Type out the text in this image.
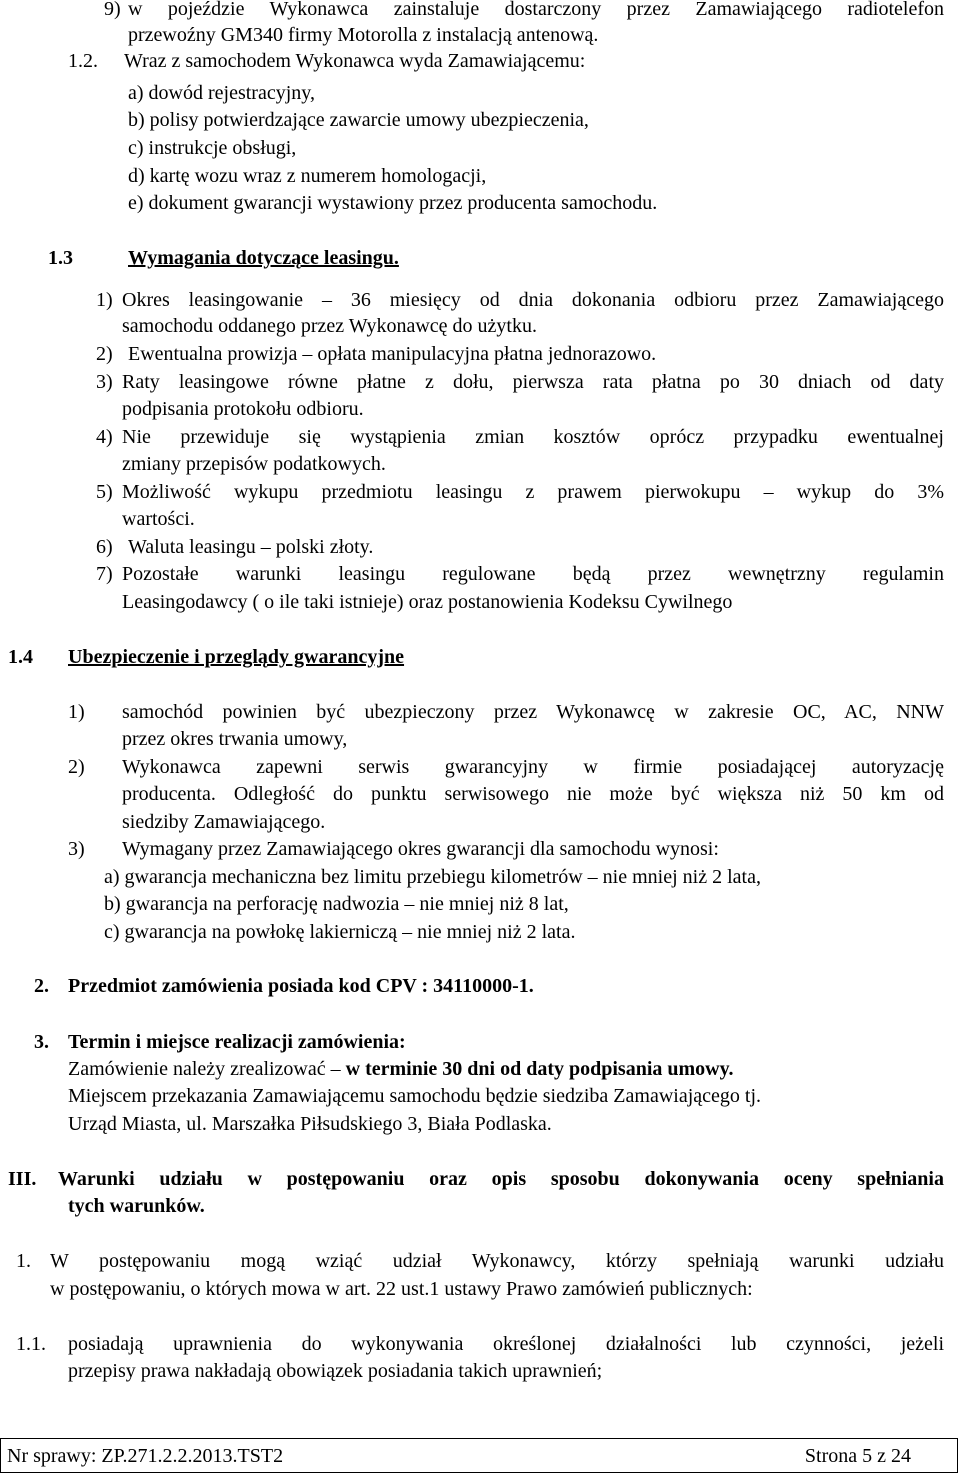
9) w pojeździe Wykonawca zainstaluje dostarczony przez Zamawiającego radiotelefon
przewoźny GM340 firmy Motorolla z instalacją antenową.
1.2. Wraz z samochodem Wykonawca wyda Zamawiającemu:
a) dowód rejestracyjny,
b) polisy potwierdzające zawarcie umowy ubezpieczenia,
c) instrukcje obsługi,
d) kartę wozu wraz z numerem homologacji,
e) dokument gwarancji wystawiony przez producenta samochodu.
1.3	Wymagania dotyczące leasingu.
1) Okres leasingowanie – 36 miesięcy od dnia dokonania odbioru przez Zamawiającego
samochodu oddanego przez Wykonawcę do użytku.
2) Ewentualna prowizja – opłata manipulacyjna płatna jednorazowo.
3) Raty leasingowe równe płatne z dołu, pierwsza rata płatna po 30 dniach od daty
podpisania protokołu odbioru.
4) Nie przewiduje się wystąpienia zmian kosztów oprócz przypadku ewentualnej
zmiany przepisów podatkowych.
5) Możliwość wykupu przedmiotu leasingu z prawem pierwokupu – wykup do 3%
wartości.
6) Waluta leasingu – polski złoty.
7) Pozostałe warunki leasingu regulowane będą przez wewnętrzny regulamin
Leasingodawcy ( o ile taki istnieje) oraz postanowienia Kodeksu Cywilnego
1.4 Ubezpieczenie i przeglądy gwarancyjne
1) samochód powinien być ubezpieczony przez Wykonawcę w zakresie OC, AC, NNW
przez okres trwania umowy,
2) Wykonawca zapewni serwis gwarancyjny w firmie posiadającej autoryzację
producenta. Odległość do punktu serwisowego nie może być większa niż 50 km od
siedziby Zamawiającego.
3) Wymagany przez Zamawiającego okres gwarancji dla samochodu wynosi:
a) gwarancja mechaniczna bez limitu przebiegu kilometrów – nie mniej niż 2 lata,
b) gwarancja na perforację nadwozia – nie mniej niż 8 lat,
c) gwarancja na powłokę lakierniczą – nie mniej niż 2 lata.
2. Przedmiot zamówienia posiada kod CPV : 34110000-1.
3. Termin i miejsce realizacji zamówienia:
Zamówienie należy zrealizować – w terminie 30 dni od daty podpisania umowy.
Miejscem przekazania Zamawiającemu samochodu będzie siedziba Zamawiającego tj.
Urząd Miasta, ul. Marszałka Piłsudskiego 3, Biała Podlaska.
III. Warunki udziału w postępowaniu oraz opis sposobu dokonywania oceny spełniania
tych warunków.
1. W postępowaniu mogą wziąć udział Wykonawcy, którzy spełniają warunki udziału
w postępowaniu, o których mowa w art. 22 ust.1 ustawy Prawo zamówień publicznych:
1.1. posiadają uprawnienia do wykonywania określonej działalności lub czynności, jeżeli
przepisy prawa nakładają obowiązek posiadania takich uprawnień;
Nr sprawy: ZP.271.2.2.2013.TST2	Strona 5 z 24
